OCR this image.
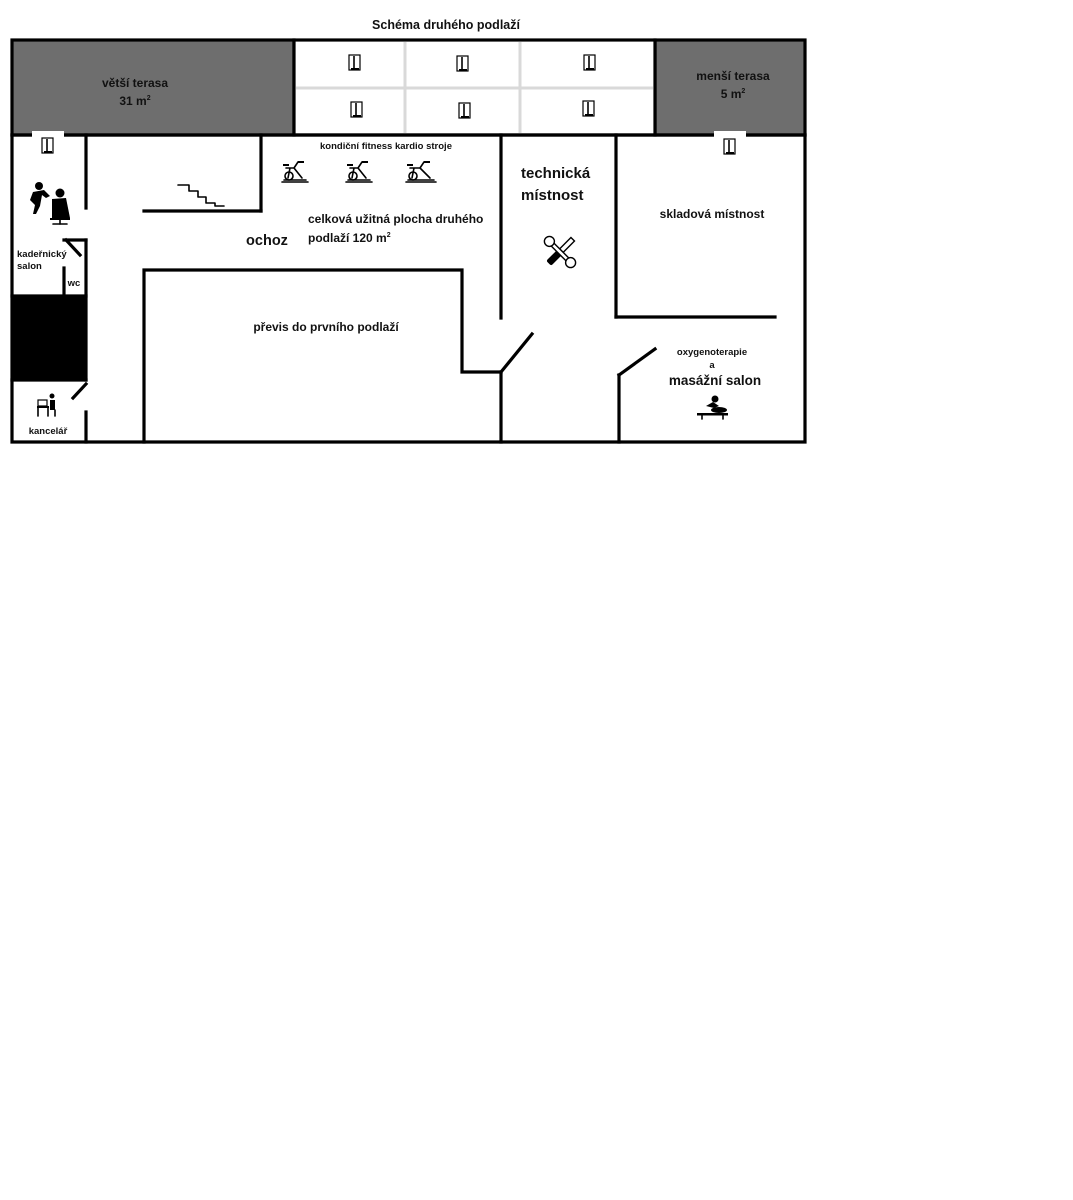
Schéma druhého podlaží
větší terasa
31 $m^2$
menší terasa
5 $m^2$
kadeřnický
salon
wc
kancelář
ochoz
kondiční fitness kardio stroje
celková užitná plocha druhého
podlaží 120 $m^2$
převis do prvního podlaží
technická
místnost
skladová místnost
oxygenoterapie
a
masážní salon
